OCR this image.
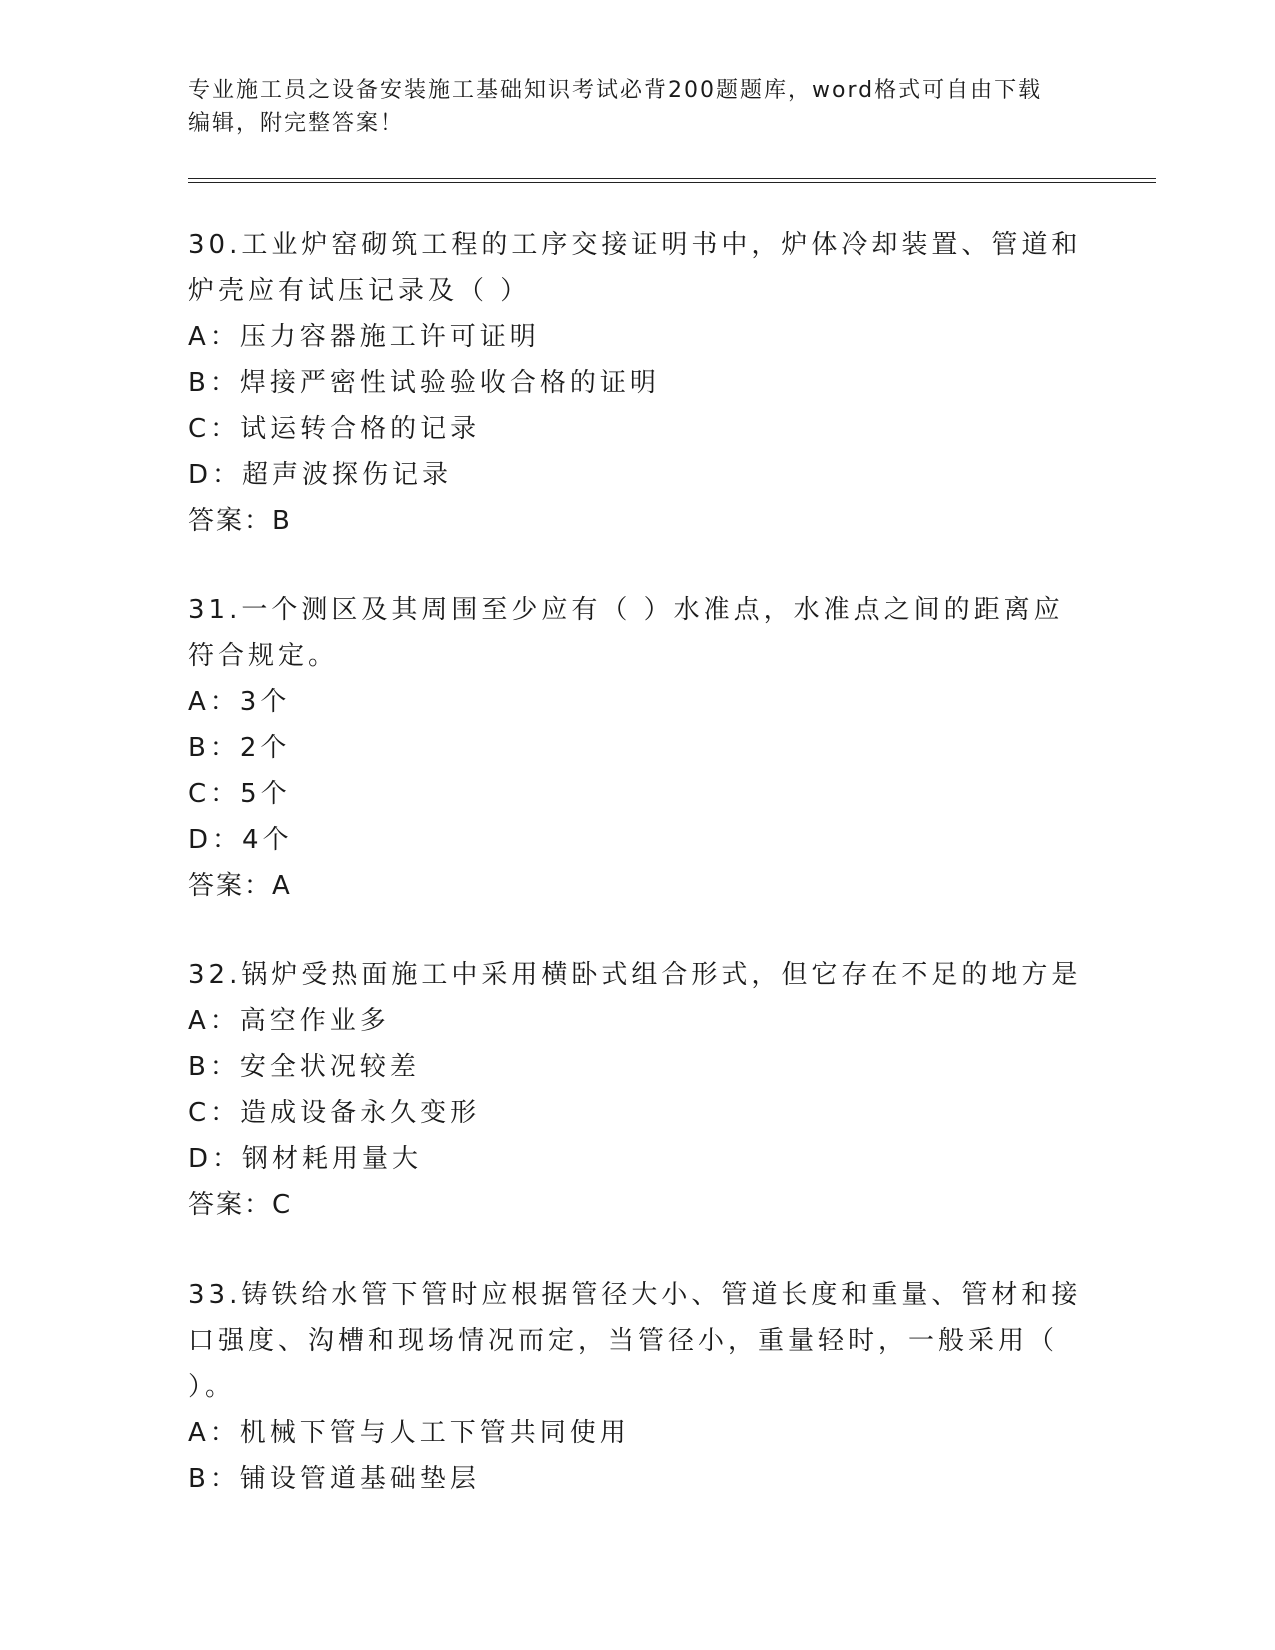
专业施工员之设备安装施工基础知识考试必背200题题库，word格式可自由下载
编辑，附完整答案！

30.工业炉窑砌筑工程的工序交接证明书中，炉体冷却装置、管道和炉壳应有试压记录及（ ）

A：压力容器施工许可证明
B：焊接严密性试验验收合格的证明
C：试运转合格的记录
D：超声波探伤记录
答案：B

31.一个测区及其周围至少应有（ ）水准点，水准点之间的距离应符合规定。

A：3个
B：2个
C：5个
D：4个
答案：A

32.锅炉受热面施工中采用横卧式组合形式，但它存在不足的地方是

A：高空作业多
B：安全状况较差
C：造成设备永久变形
D：钢材耗用量大
答案：C

33.铸铁给水管下管时应根据管径大小、管道长度和重量、管材和接口强度、沟槽和现场情况而定，当管径小，重量轻时，一般采用（ ）。

A：机械下管与人工下管共同使用
B：铺设管道基础垫层
